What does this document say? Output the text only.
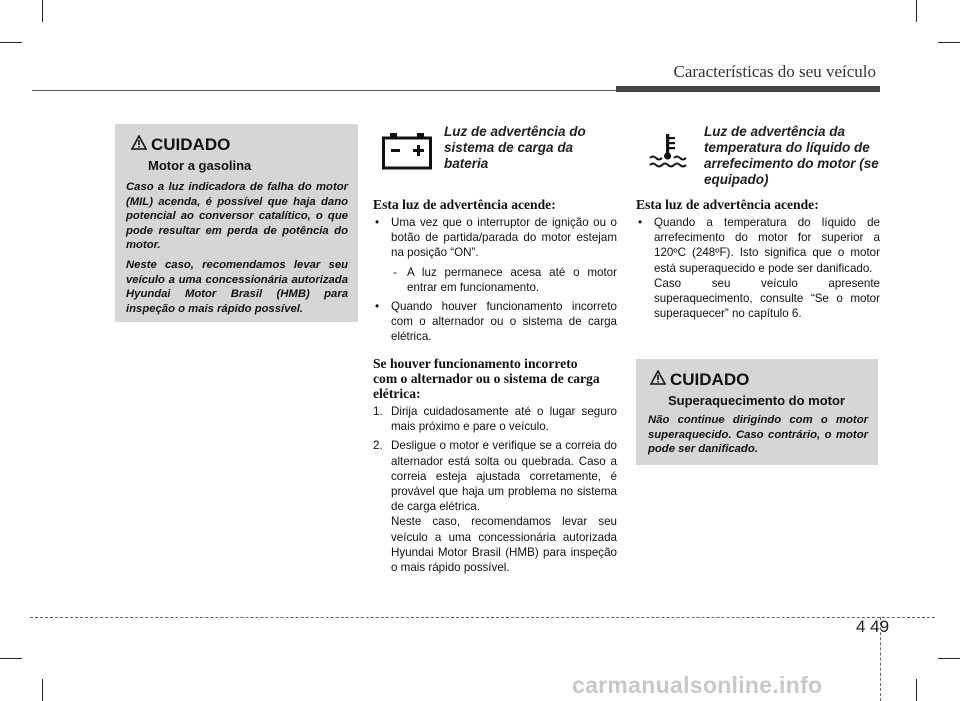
Características do seu veículo
CUIDADO
Motor a gasolina

Caso a luz indicadora de falha do motor (MIL) acenda, é possível que haja dano potencial ao conversor catalítico, o que pode resultar em perda de potência do motor.

Neste caso, recomendamos levar seu veículo a uma concessionária autorizada Hyundai Motor Brasil (HMB) para inspeção o mais rápido possível.

Luz de advertência do sistema de carga da bateria
Esta luz de advertência acende:
• Uma vez que o interruptor de ignição ou o botão de partida/parada do motor estejam na posição “ON”.
- A luz permanece acesa até o motor entrar em funcionamento.
• Quando houver funcionamento incorreto com o alternador ou o sistema de carga elétrica.
Se houver funcionamento incorreto com o alternador ou o sistema de carga elétrica:
1. Dirija cuidadosamente até o lugar seguro mais próximo e pare o veículo.
2. Desligue o motor e verifique se a correia do alternador está solta ou quebrada. Caso a correia esteja ajustada corretamente, é provável que haja um problema no sistema de carga elétrica.
Neste caso, recomendamos levar seu veículo a uma concessionária autorizada Hyundai Motor Brasil (HMB) para inspeção o mais rápido possível.
Luz de advertência da temperatura do líquido de arrefecimento do motor (se equipado)
Esta luz de advertência acende:
• Quando a temperatura do líquido de arrefecimento do motor for superior a 120ºC (248ºF). Isto significa que o motor está superaquecido e pode ser danificado.
Caso seu veículo apresente superaquecimento, consulte “Se o motor superaquecer” no capítulo 6.
CUIDADO
Superaquecimento do motor

Não continue dirigindo com o motor superaquecido. Caso contrário, o motor pode ser danificado.

4 49
carmanualsonline.info
